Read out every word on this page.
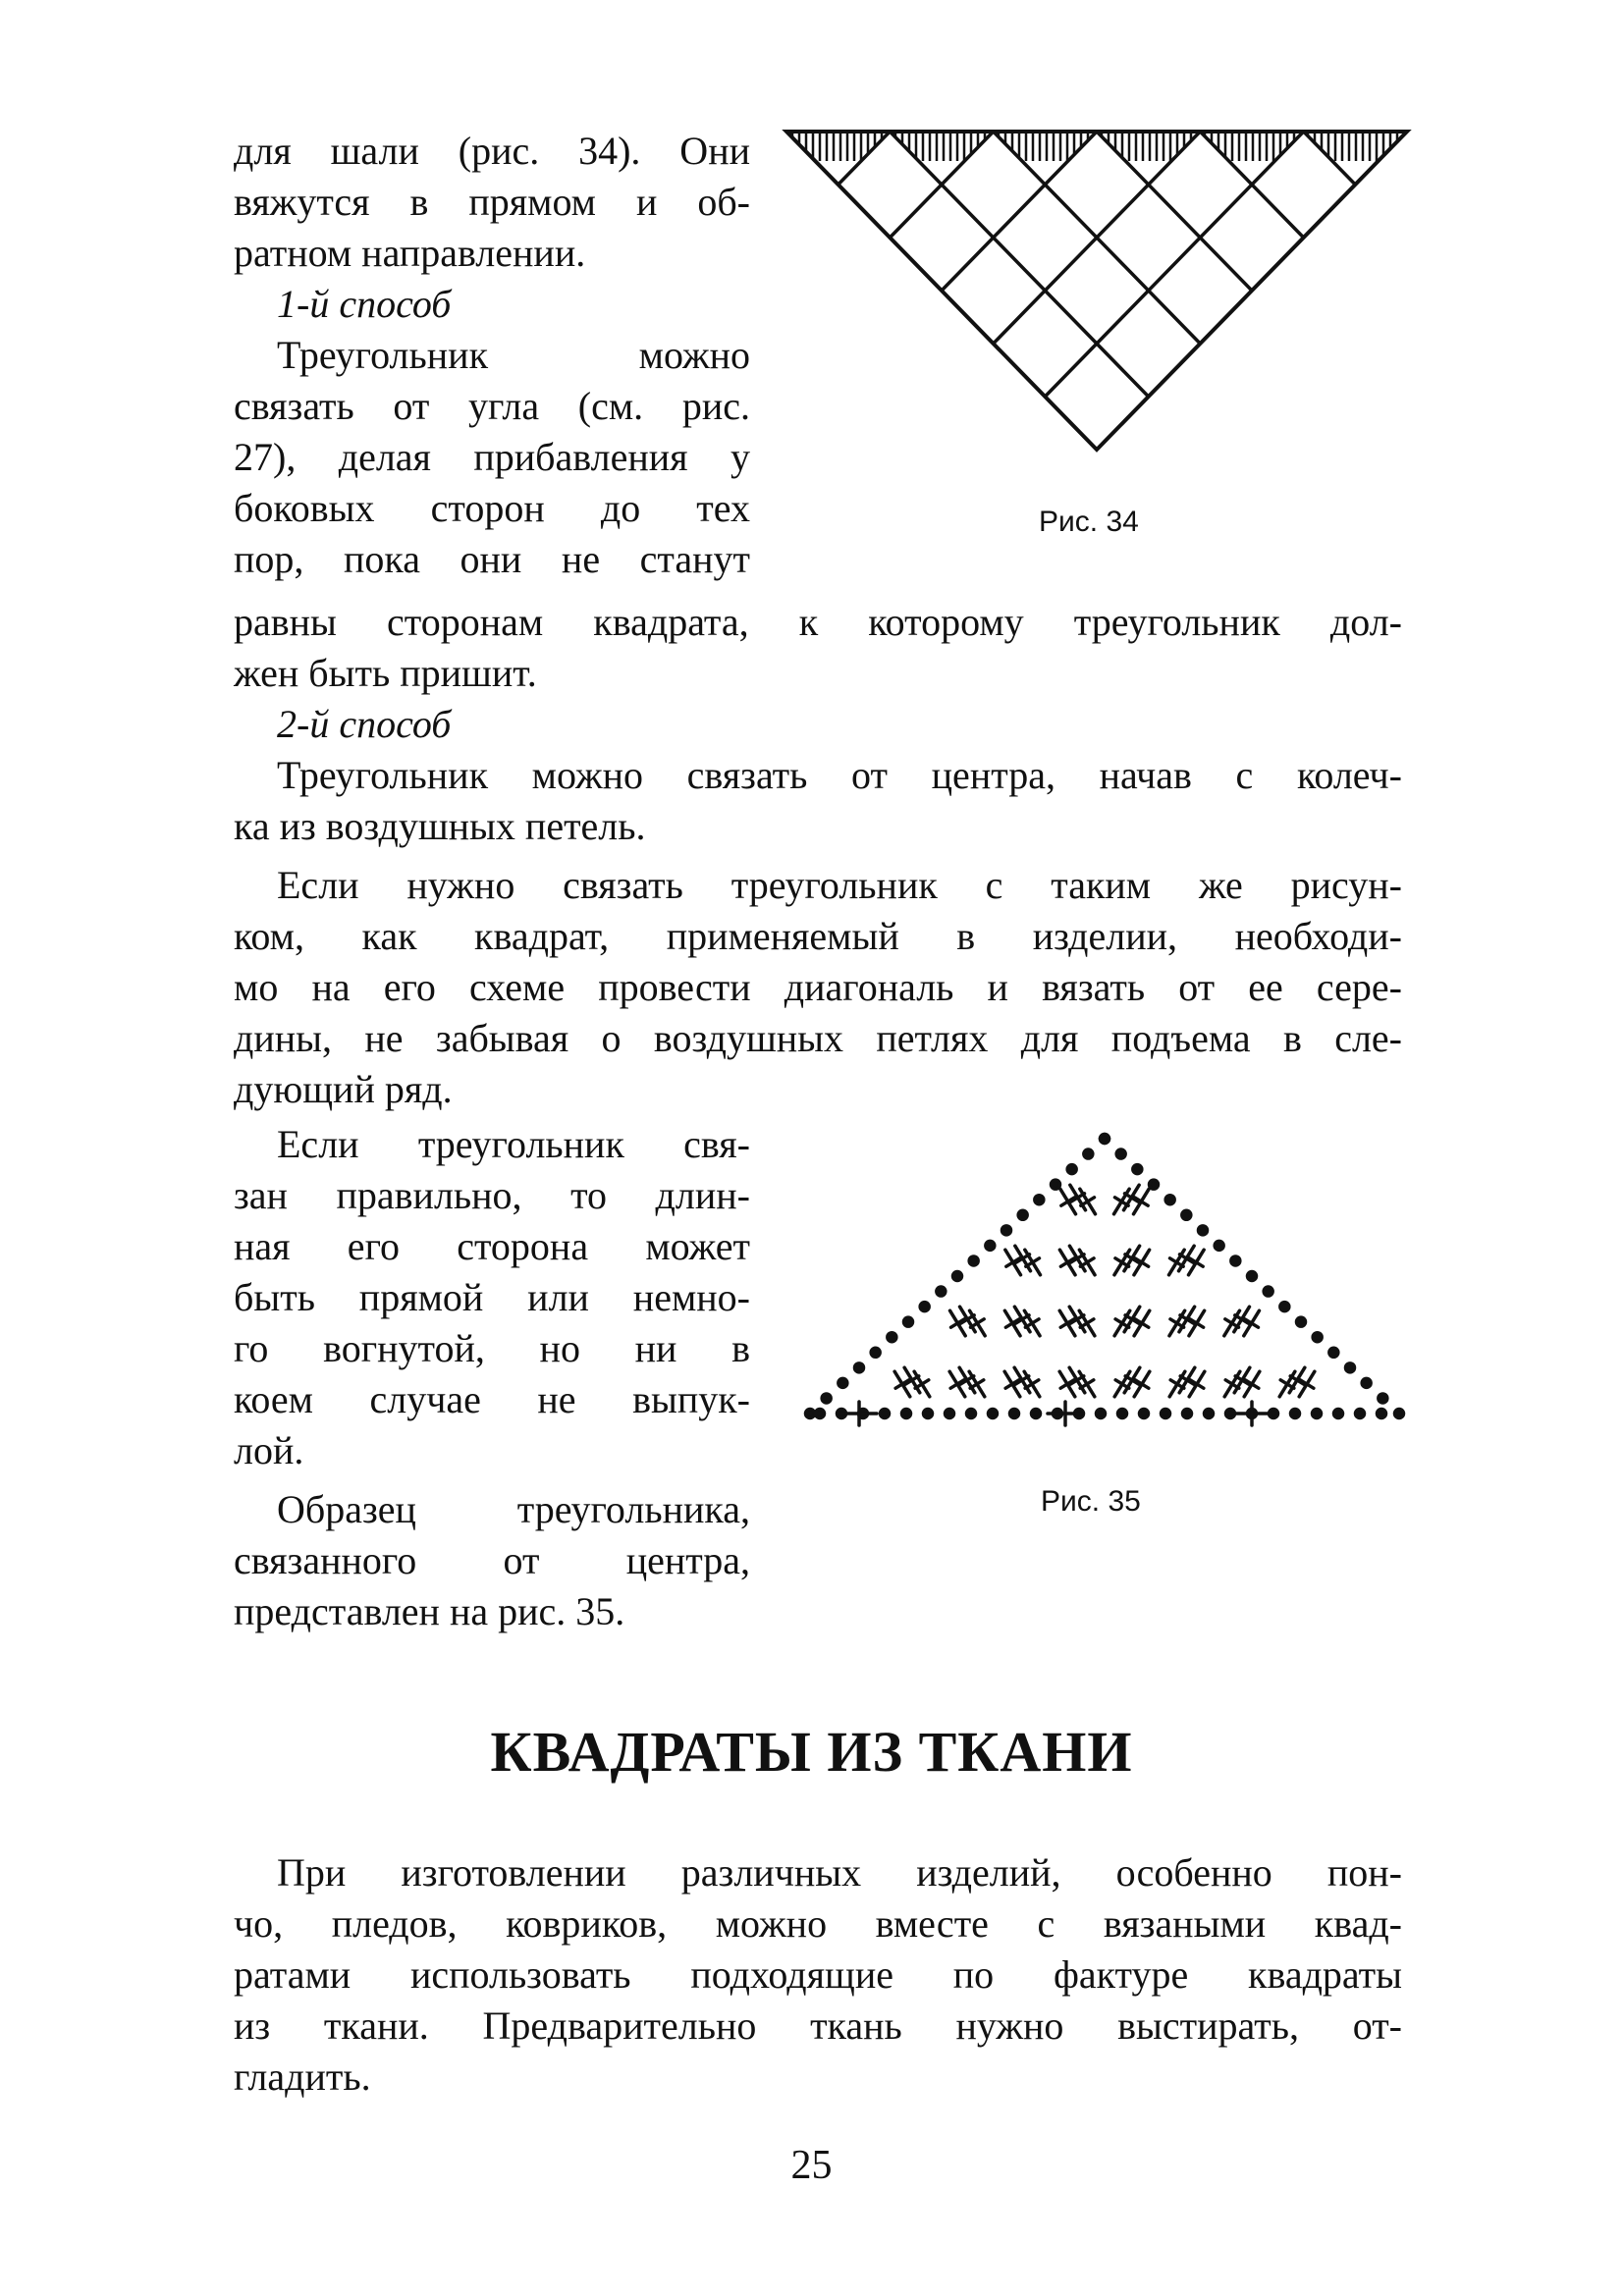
для шали (рис. 34). Они

вяжутся в прямом и об-

ратном направлении.

1-й способ

Треугольник можно

связать от угла (см. рис.

27), делая прибавления у

боковых сторон до тех

пор, пока они не станут

равны сторонам квадрата, к которому треугольник дол-

жен быть пришит.

2-й способ

Треугольник можно связать от центра, начав с колеч-

ка из воздушных петель.

Если нужно связать треугольник с таким же рисун-

ком, как квадрат, применяемый в изделии, необходи-

мо на его схеме провести диагональ и вязать от ее сере-

дины, не забывая о воздушных петлях для подъема в сле-

дующий ряд.

Если треугольник свя-

зан правильно, то длин-

ная его сторона может

быть прямой или немно-

го вогнутой, но ни в

коем случае не выпук-

лой.

Образец треугольника,

связанного от центра,

представлен на рис. 35.

Рис. 34
Рис. 35
КВАДРАТЫ ИЗ ТКАНИ

При изготовлении различных изделий, особенно пон-

чо, пледов, ковриков, можно вместе с вязаными квад-

ратами использовать подходящие по фактуре квадраты

из ткани. Предварительно ткань нужно выстирать, от-

гладить.

25
